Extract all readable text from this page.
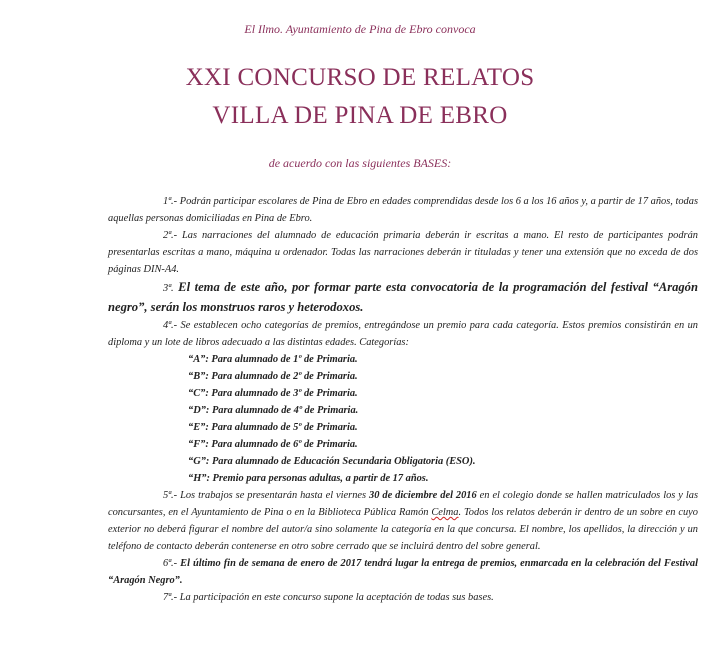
El Ilmo. Ayuntamiento de Pina de Ebro convoca
XXI CONCURSO DE RELATOS
VILLA DE PINA DE EBRO
de acuerdo con las siguientes BASES:

1ª.- Podrán participar escolares de Pina de Ebro en edades comprendidas desde los 6 a los 16 años y, a partir de 17 años, todas aquellas personas domiciliadas en Pina de Ebro.

2ª.- Las narraciones del alumnado de educación primaria deberán ir escritas a mano. El resto de participantes podrán presentarlas escritas a mano, máquina u ordenador. Todas las narraciones deberán ir tituladas y tener una extensión que no exceda de dos páginas DIN-A4.

3ª. El tema de este año, por formar parte esta convocatoria de la programación del festival “Aragón negro”, serán los monstruos raros y heterodoxos.

4ª.- Se establecen ocho categorías de premios, entregándose un premio para cada categoría. Estos premios consistirán en un diploma y un lote de libros adecuado a las distintas edades. Categorías:

“A”: Para alumnado de 1º de Primaria.
“B”: Para alumnado de 2º de Primaria.
“C”: Para alumnado de 3º de Primaria.
“D”: Para alumnado de 4º de Primaria.
“E”: Para alumnado de 5º de Primaria.
“F”: Para alumnado de 6º de Primaria.
“G”: Para alumnado de Educación Secundaria Obligatoria (ESO).
“H”: Premio para personas adultas, a partir de 17 años.

5ª.- Los trabajos se presentarán hasta el viernes 30 de diciembre del 2016 en el colegio donde se hallen matriculados los y las concursantes, en el Ayuntamiento de Pina o en la Biblioteca Pública Ramón Celma. Todos los relatos deberán ir dentro de un sobre en cuyo exterior no deberá figurar el nombre del autor/a sino solamente la categoría en la que concursa. El nombre, los apellidos, la dirección y un teléfono de contacto deberán contenerse en otro sobre cerrado que se incluirá dentro del sobre general.

6ª.- El último fin de semana de enero de 2017 tendrá lugar la entrega de premios, enmarcada en la celebración del Festival “Aragón Negro”.

7ª.- La participación en este concurso supone la aceptación de todas sus bases.
